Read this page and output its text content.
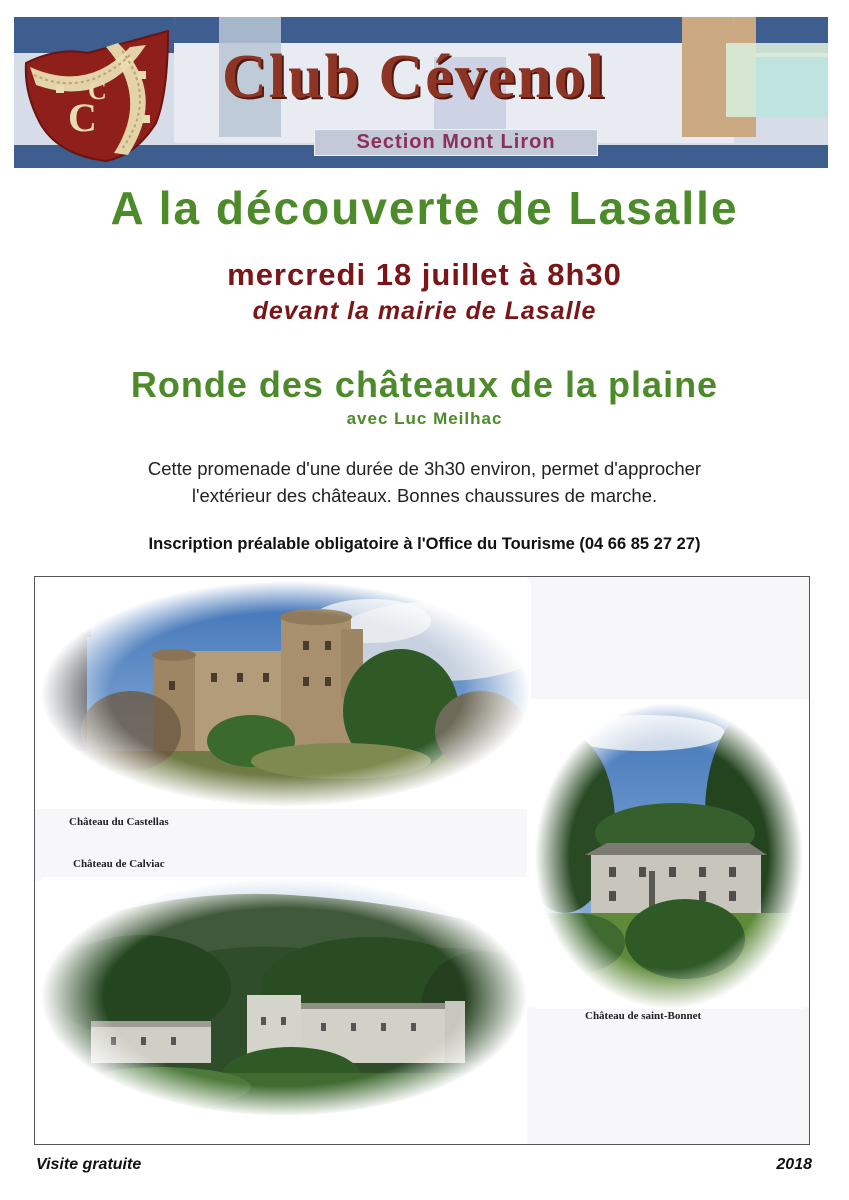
C
C Club Cévenol
Section Mont Liron
A la découverte de Lasalle
mercredi 18 juillet à 8h30
devant la mairie de Lasalle
Ronde des châteaux de la plaine
avec Luc Meilhac
Cette promenade d'une durée de 3h30 environ, permet d'approcher
l'extérieur des châteaux. Bonnes chaussures de marche.
Inscription préalable obligatoire à l'Office du Tourisme (04 66 85 27 27)
Château du Castellas
Château de Calviac
Château de saint-Bonnet
Visite gratuite	2018
